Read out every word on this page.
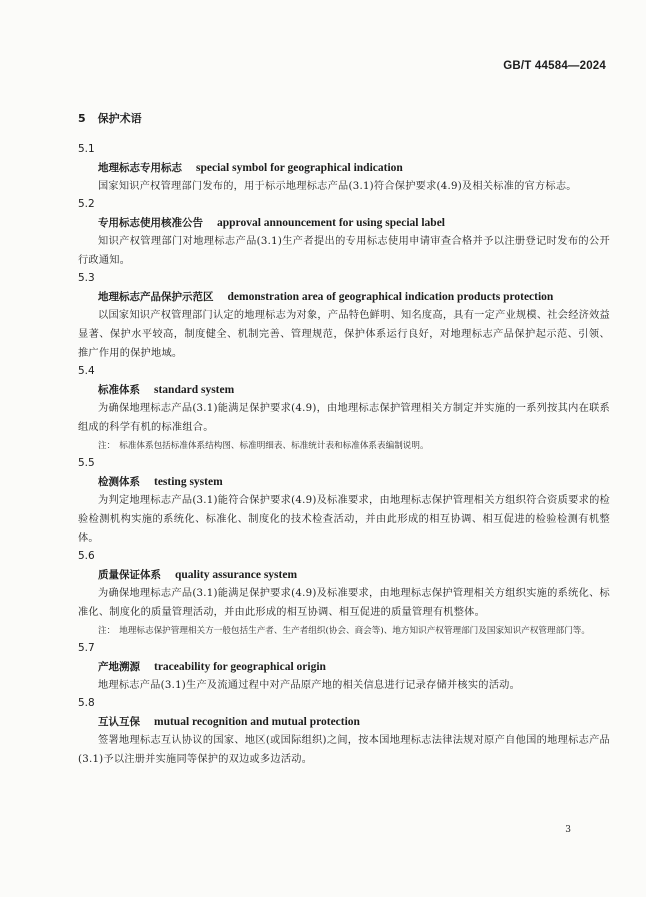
GB/T 44584—2024
5 保护术语
5.1
地理标志专用标志 special symbol for geographical indication

国家知识产权管理部门发布的，用于标示地理标志产品(3.1)符合保护要求(4.9)及相关标准的官方标志。

5.2
专用标志使用核准公告 approval announcement for using special label

知识产权管理部门对地理标志产品(3.1)生产者提出的专用标志使用申请审查合格并予以注册登记时发布的公开行政通知。

5.3
地理标志产品保护示范区 demonstration area of geographical indication products protection

以国家知识产权管理部门认定的地理标志为对象，产品特色鲜明、知名度高，具有一定产业规模、社会经济效益显著、保护水平较高，制度健全、机制完善、管理规范，保护体系运行良好，对地理标志产品保护起示范、引领、推广作用的保护地域。

5.4
标准体系 standard system

为确保地理标志产品(3.1)能满足保护要求(4.9)，由地理标志保护管理相关方制定并实施的一系列按其内在联系组成的科学有机的标准组合。

注： 标准体系包括标准体系结构图、标准明细表、标准统计表和标准体系表编制说明。
5.5
检测体系 testing system

为判定地理标志产品(3.1)能符合保护要求(4.9)及标准要求，由地理标志保护管理相关方组织符合资质要求的检验检测机构实施的系统化、标准化、制度化的技术检查活动，并由此形成的相互协调、相互促进的检验检测有机整体。

5.6
质量保证体系 quality assurance system

为确保地理标志产品(3.1)能满足保护要求(4.9)及标准要求，由地理标志保护管理相关方组织实施的系统化、标准化、制度化的质量管理活动，并由此形成的相互协调、相互促进的质量管理有机整体。

注： 地理标志保护管理相关方一般包括生产者、生产者组织(协会、商会等)、地方知识产权管理部门及国家知识产权管理部门等。
5.7
产地溯源 traceability for geographical origin

地理标志产品(3.1)生产及流通过程中对产品原产地的相关信息进行记录存储并核实的活动。

5.8
互认互保 mutual recognition and mutual protection

签署地理标志互认协议的国家、地区(或国际组织)之间，按本国地理标志法律法规对原产自他国的地理标志产品(3.1)予以注册并实施同等保护的双边或多边活动。

3
